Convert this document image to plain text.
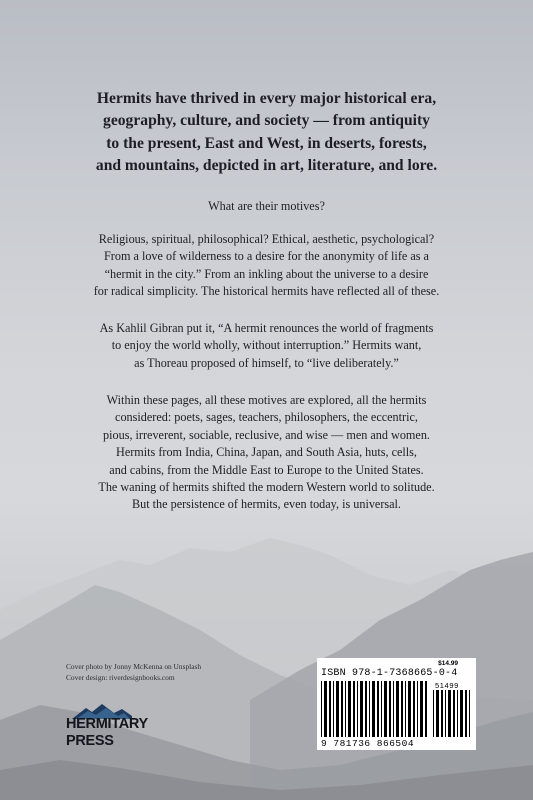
Hermits have thrived in every major historical era,
geography, culture, and society — from antiquity
to the present, East and West, in deserts, forests,
and mountains, depicted in art, literature, and lore.

What are their motives?

Religious, spiritual, philosophical? Ethical, aesthetic, psychological?
From a love of wilderness to a desire for the anonymity of life as a
“hermit in the city.” From an inkling about the universe to a desire
for radical simplicity. The historical hermits have reflected all of these.

As Kahlil Gibran put it, “A hermit renounces the world of fragments
to enjoy the world wholly, without interruption.” Hermits want,
as Thoreau proposed of himself, to “live deliberately.”

Within these pages, all these motives are explored, all the hermits
considered: poets, sages, teachers, philosophers, the eccentric,
pious, irreverent, sociable, reclusive, and wise — men and women.
Hermits from India, China, Japan, and South Asia, huts, cells,
and cabins, from the Middle East to Europe to the United States.
The waning of hermits shifted the modern Western world to solitude.
But the persistence of hermits, even today, is universal.

Cover photo by Jonny McKenna on Unsplash
Cover design: riverdesignbooks.com
HERMITARY
PRESS
$14.99
ISBN 978-1-7368665-0-4
51499
9 781736 866504
